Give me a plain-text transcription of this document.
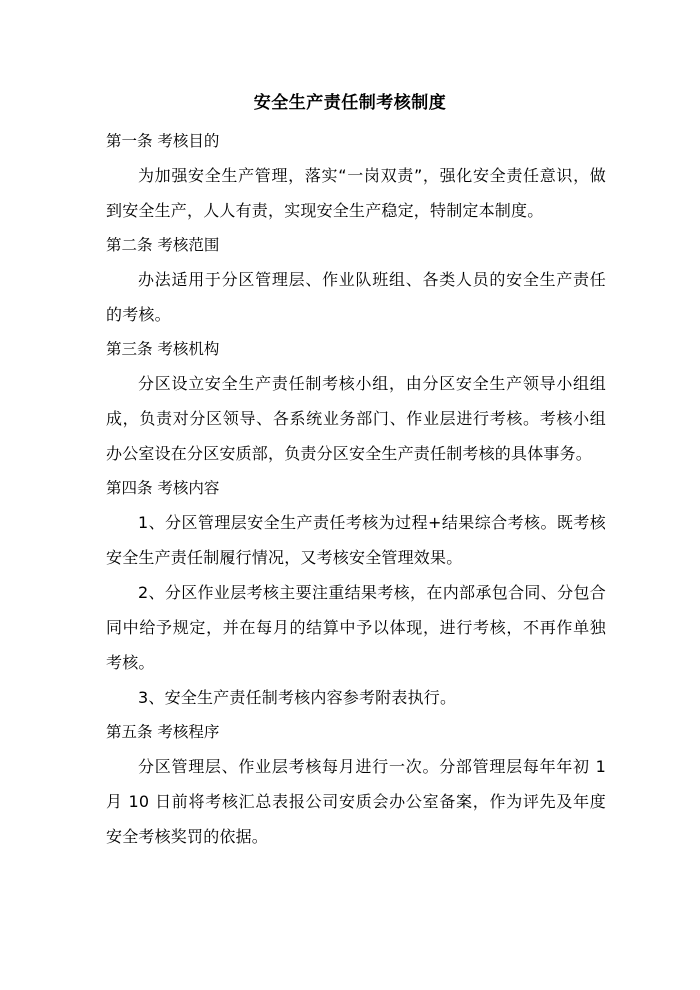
安全生产责任制考核制度
第一条 考核目的
为加强安全生产管理，落实“一岗双责”，强化安全责任意识，做到安全生产，人人有责，实现安全生产稳定，特制定本制度。
第二条 考核范围
办法适用于分区管理层、作业队班组、各类人员的安全生产责任的考核。
第三条 考核机构
分区设立安全生产责任制考核小组，由分区安全生产领导小组组成，负责对分区领导、各系统业务部门、作业层进行考核。考核小组办公室设在分区安质部，负责分区安全生产责任制考核的具体事务。
第四条 考核内容
1、分区管理层安全生产责任考核为过程+结果综合考核。既考核安全生产责任制履行情况，又考核安全管理效果。
2、分区作业层考核主要注重结果考核，在内部承包合同、分包合同中给予规定，并在每月的结算中予以体现，进行考核，不再作单独考核。
3、安全生产责任制考核内容参考附表执行。
第五条 考核程序
分区管理层、作业层考核每月进行一次。分部管理层每年年初 1 月 10 日前将考核汇总表报公司安质会办公室备案，作为评先及年度安全考核奖罚的依据。
